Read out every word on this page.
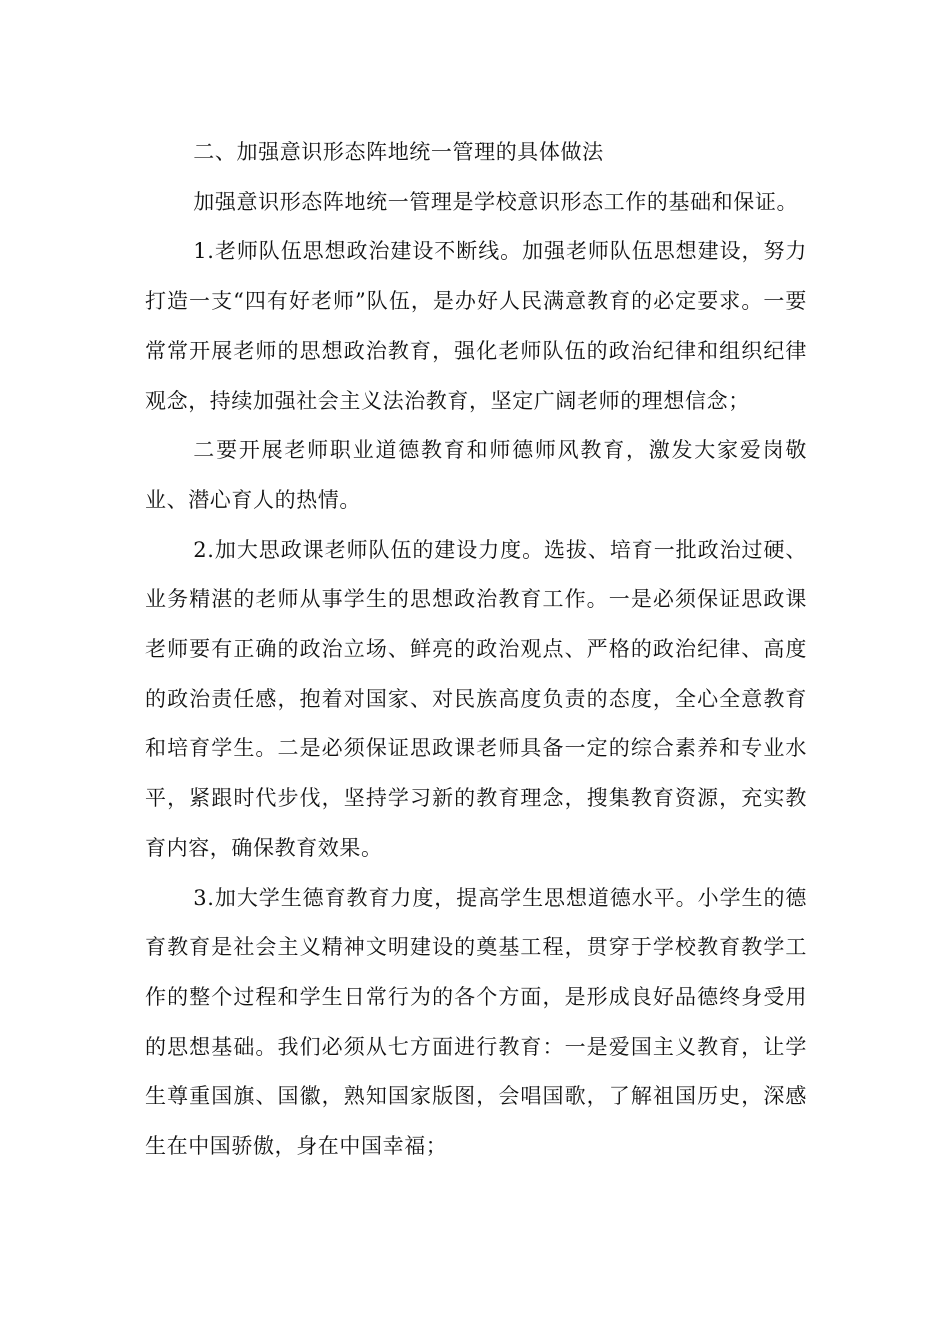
二、加强意识形态阵地统一管理的具体做法

加强意识形态阵地统一管理是学校意识形态工作的基础和保证。

1.老师队伍思想政治建设不断线。加强老师队伍思想建设，努力打造一支“四有好老师”队伍，是办好人民满意教育的必定要求。一要常常开展老师的思想政治教育，强化老师队伍的政治纪律和组织纪律观念，持续加强社会主义法治教育，坚定广阔老师的理想信念；

二要开展老师职业道德教育和师德师风教育，激发大家爱岗敬业、潜心育人的热情。

2.加大思政课老师队伍的建设力度。选拔、培育一批政治过硬、业务精湛的老师从事学生的思想政治教育工作。一是必须保证思政课老师要有正确的政治立场、鲜亮的政治观点、严格的政治纪律、高度的政治责任感，抱着对国家、对民族高度负责的态度，全心全意教育和培育学生。二是必须保证思政课老师具备一定的综合素养和专业水平，紧跟时代步伐，坚持学习新的教育理念，搜集教育资源，充实教育内容，确保教育效果。

3.加大学生德育教育力度，提高学生思想道德水平。小学生的德育教育是社会主义精神文明建设的奠基工程，贯穿于学校教育教学工作的整个过程和学生日常行为的各个方面，是形成良好品德终身受用的思想基础。我们必须从七方面进行教育：一是爱国主义教育，让学生尊重国旗、国徽，熟知国家版图，会唱国歌，了解祖国历史，深感生在中国骄傲，身在中国幸福；
